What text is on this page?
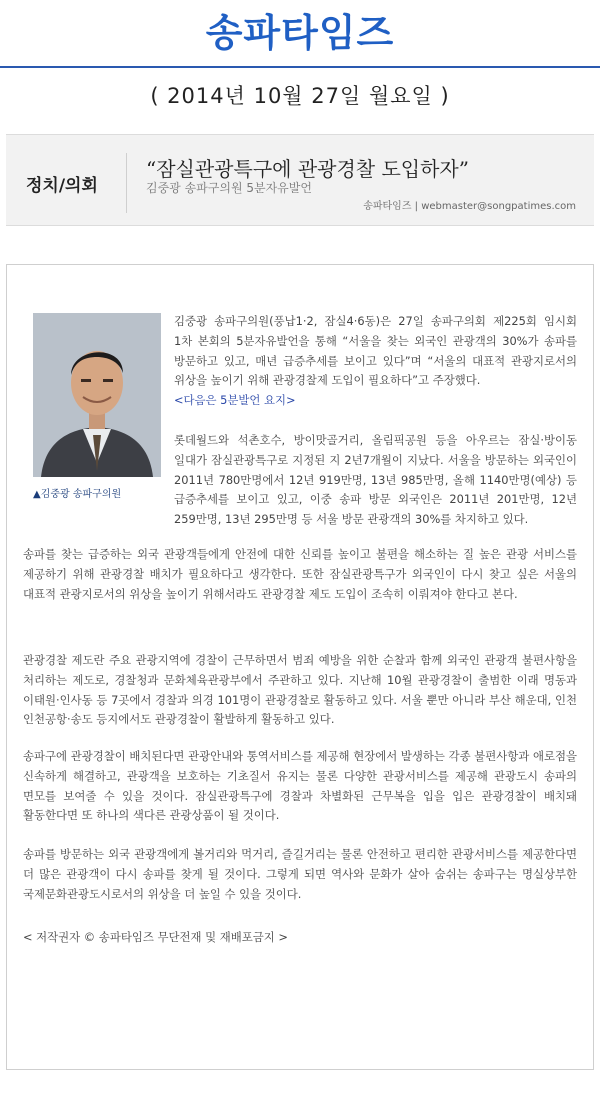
송파타임즈
( 2014년 10월 27일 월요일 )
정치/의회
“잠실관광특구에 관광경찰 도입하자”
김중광 송파구의원 5분자유발언
송파타임즈 | webmaster@songpatimes.com
▲김중광 송파구의원

김중광 송파구의원(풍납1·2, 잠실4·6동)은 27일 송파구의회 제225회 임시회 1차 본회의 5분자유발언을 통해 “서울을 찾는 외국인 관광객의 30%가 송파를 방문하고 있고, 매년 급증추세를 보이고 있다”며 “서울의 대표적 관광지로서의 위상을 높이기 위해 관광경찰제 도입이 필요하다”고 주장했다.
<다음은 5분발언 요지>

롯데월드와 석촌호수, 방이맛골거리, 올림픽공원 등을 아우르는 잠실·방이동 일대가 잠실관광특구로 지정된 지 2년7개월이 지났다. 서울을 방문하는 외국인이 2011년 780만명에서 12년 919만명, 13년 985만명, 올해 1140만명(예상) 등 급증추세를 보이고 있고, 이중 송파 방문 외국인은 2011년 201만명, 12년 259만명, 13년 295만명 등 서울 방문 관광객의 30%를 차지하고 있다.

송파를 찾는 급증하는 외국 관광객들에게 안전에 대한 신뢰를 높이고 불편을 해소하는 질 높은 관광 서비스를 제공하기 위해 관광경찰 배치가 필요하다고 생각한다. 또한 잠실관광특구가 외국인이 다시 찾고 싶은 서울의 대표적 관광지로서의 위상을 높이기 위해서라도 관광경찰 제도 도입이 조속히 이뤄져야 한다고 본다.

관광경찰 제도란 주요 관광지역에 경찰이 근무하면서 범죄 예방을 위한 순찰과 함께 외국인 관광객 불편사항을 처리하는 제도로, 경찰청과 문화체육관광부에서 주관하고 있다. 지난해 10월 관광경찰이 출범한 이래 명동과 이태원·인사동 등 7곳에서 경찰과 의경 101명이 관광경찰로 활동하고 있다. 서울 뿐만 아니라 부산 해운대, 인천 인천공항·송도 등지에서도 관광경찰이 활발하게 활동하고 있다.

송파구에 관광경찰이 배치된다면 관광안내와 통역서비스를 제공해 현장에서 발생하는 각종 불편사항과 애로점을 신속하게 해결하고, 관광객을 보호하는 기초질서 유지는 물론 다양한 관광서비스를 제공해 관광도시 송파의 면모를 보여줄 수 있을 것이다. 잠실관광특구에 경찰과 차별화된 근무복을 입을 입은 관광경찰이 배치돼 활동한다면 또 하나의 색다른 관광상품이 될 것이다.

송파를 방문하는 외국 관광객에게 볼거리와 먹거리, 즐길거리는 물론 안전하고 편리한 관광서비스를 제공한다면 더 많은 관광객이 다시 송파를 찾게 될 것이다. 그렇게 되면 역사와 문화가 살아 숨쉬는 송파구는 명실상부한 국제문화관광도시로서의 위상을 더 높일 수 있을 것이다.

< 저작권자 © 송파타임즈 무단전재 및 재배포금지 >
